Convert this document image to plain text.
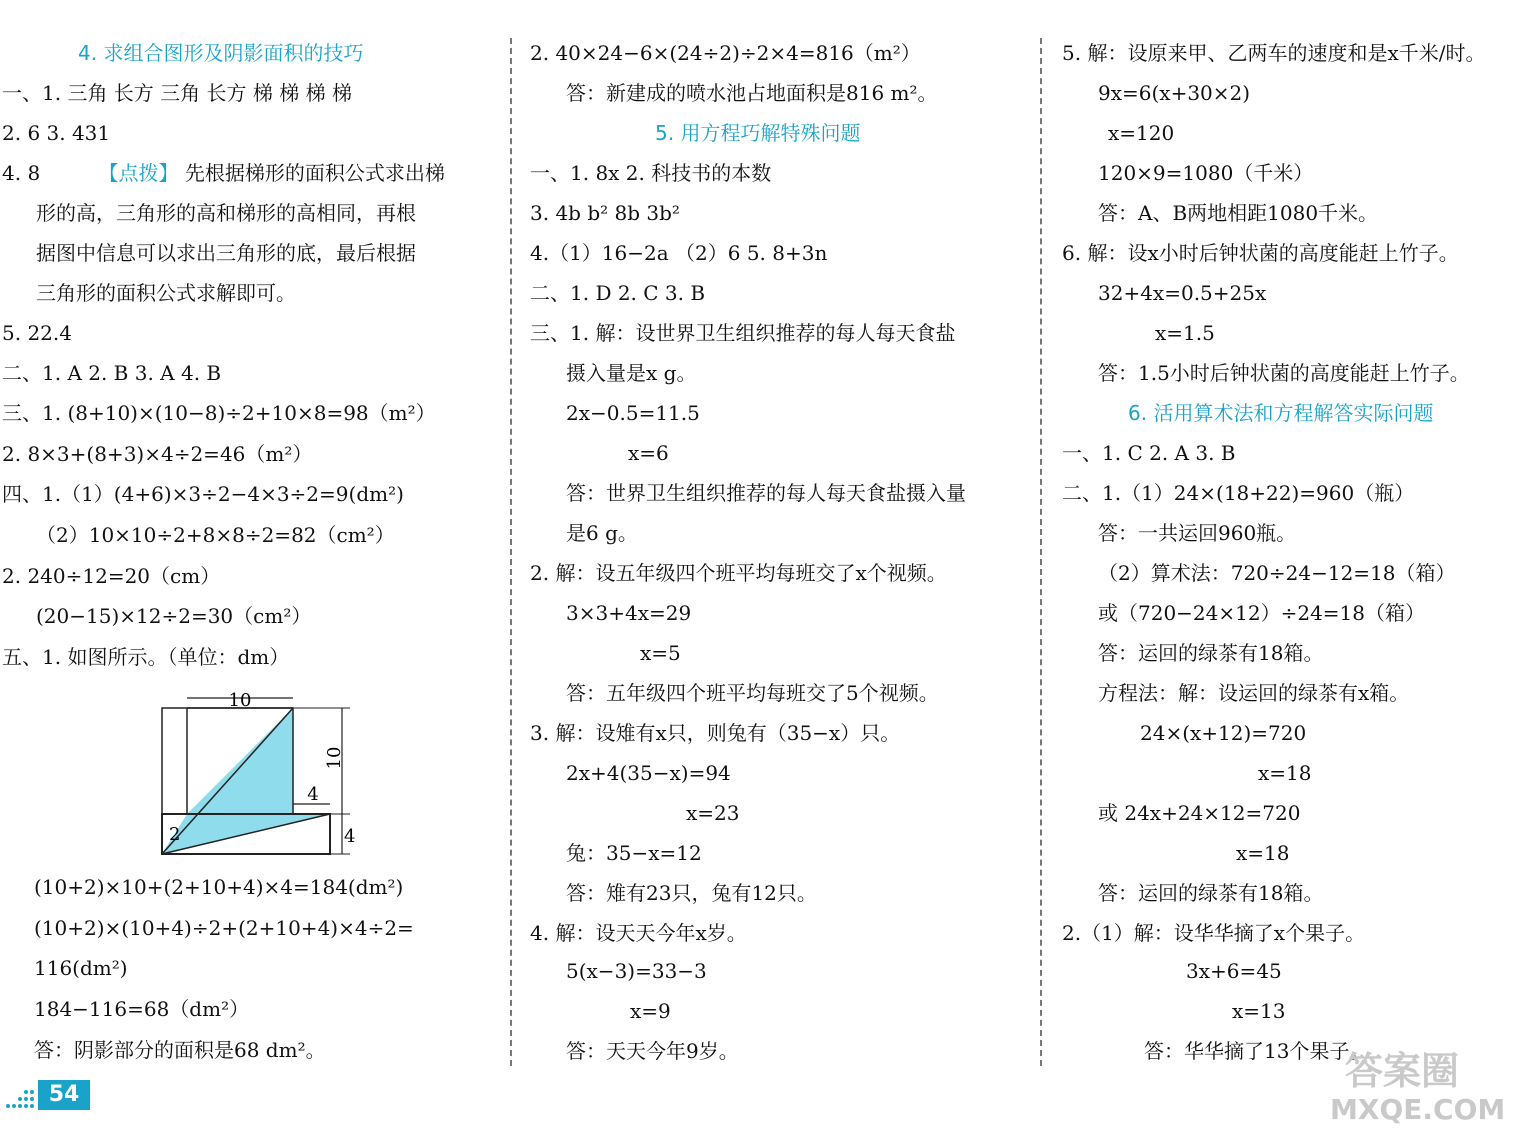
4. 求组合图形及阴影面积的技巧
一、1. 三角 长方 三角 长方 梯 梯 梯 梯
2. 6 3. 431
4. 8	【点拨】 先根据梯形的面积公式求出梯
形的高，三角形的高和梯形的高相同，再根
据图中信息可以求出三角形的底，最后根据
三角形的面积公式求解即可。
5. 22.4
二、1. A 2. B 3. A 4. B
三、1. (8+10)×(10−8)÷2+10×8=98（m²）
2. 8×3+(8+3)×4÷2=46（m²）
四、1.（1）(4+6)×3÷2−4×3÷2=9(dm²)
（2）10×10÷2+8×8÷2=82（cm²）
2. 240÷12=20（cm）
(20−15)×12÷2=30（cm²）
五、1. 如图所示。（单位：dm）
10
10
4
2	4
(10+2)×10+(2+10+4)×4=184(dm²)
(10+2)×(10+4)÷2+(2+10+4)×4÷2=
116(dm²)
184−116=68（dm²）
答：阴影部分的面积是68 dm²。
2. 40×24−6×(24÷2)÷2×4=816（m²）
答：新建成的喷水池占地面积是816 m²。
5. 用方程巧解特殊问题
一、1. 8x 2. 科技书的本数
3. 4b b² 8b 3b²
4.（1）16−2a （2）6 5. 8+3n
二、1. D 2. C 3. B
三、1. 解：设世界卫生组织推荐的每人每天食盐
摄入量是x g。
2x−0.5=11.5
x=6
答：世界卫生组织推荐的每人每天食盐摄入量
是6 g。
2. 解：设五年级四个班平均每班交了x个视频。
3×3+4x=29
x=5
答：五年级四个班平均每班交了5个视频。
3. 解：设雉有x只，则兔有（35−x）只。
2x+4(35−x)=94
x=23
兔：35−x=12
答：雉有23只，兔有12只。
4. 解：设天天今年x岁。
5(x−3)=33−3
x=9
答：天天今年9岁。
5. 解：设原来甲、乙两车的速度和是x千米/时。
9x=6(x+30×2)
x=120
120×9=1080（千米）
答：A、B两地相距1080千米。
6. 解：设x小时后钟状菌的高度能赶上竹子。
32+4x=0.5+25x
x=1.5
答：1.5小时后钟状菌的高度能赶上竹子。
6. 活用算术法和方程解答实际问题
一、1. C 2. A 3. B
二、1.（1）24×(18+22)=960（瓶）
答：一共运回960瓶。
（2）算术法：720÷24−12=18（箱）
或（720−24×12）÷24=18（箱）
答：运回的绿茶有18箱。
方程法：解：设运回的绿茶有x箱。
24×(x+12)=720
x=18
或 24x+24×12=720
x=18
答：运回的绿茶有18箱。
2.（1）解：设华华摘了x个果子。
3x+6=45
x=13
答：华华摘了13个果子。
54
答案圈
MXQE.COM
